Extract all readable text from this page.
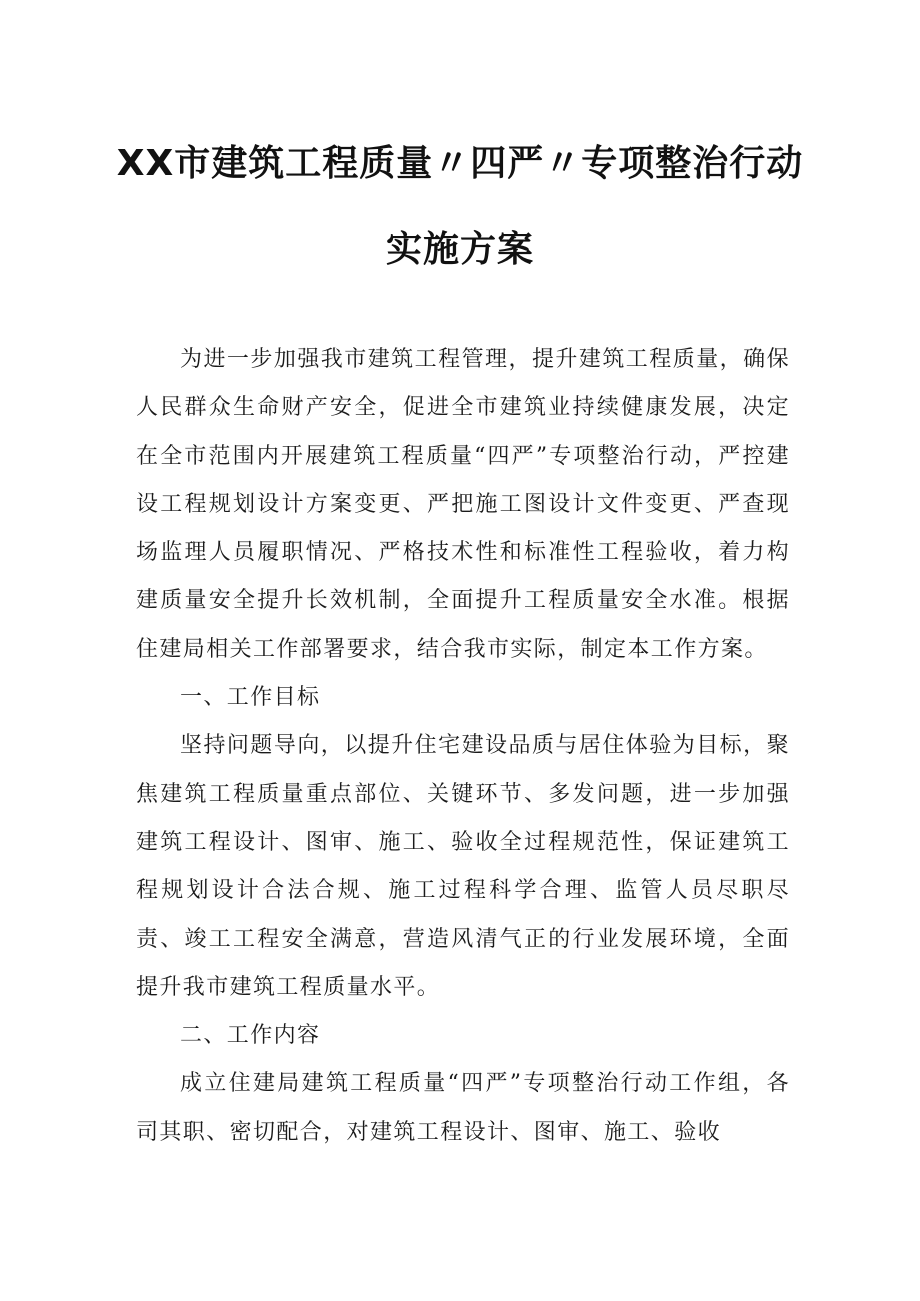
XX市建筑工程质量〃四严〃专项整治行动
实施方案

为进一步加强我市建筑工程管理，提升建筑工程质量，确保人民群众生命财产安全，促进全市建筑业持续健康发展，决定在全市范围内开展建筑工程质量“四严”专项整治行动，严控建设工程规划设计方案变更、严把施工图设计文件变更、严查现场监理人员履职情况、严格技术性和标准性工程验收，着力构建质量安全提升长效机制，全面提升工程质量安全水准。根据住建局相关工作部署要求，结合我市实际，制定本工作方案。

一、工作目标

坚持问题导向，以提升住宅建设品质与居住体验为目标，聚焦建筑工程质量重点部位、关键环节、多发问题，进一步加强建筑工程设计、图审、施工、验收全过程规范性，保证建筑工程规划设计合法合规、施工过程科学合理、监管人员尽职尽责、竣工工程安全满意，营造风清气正的行业发展环境，全面提升我市建筑工程质量水平。

二、工作内容

成立住建局建筑工程质量“四严”专项整治行动工作组，各司其职、密切配合，对建筑工程设计、图审、施工、验收
